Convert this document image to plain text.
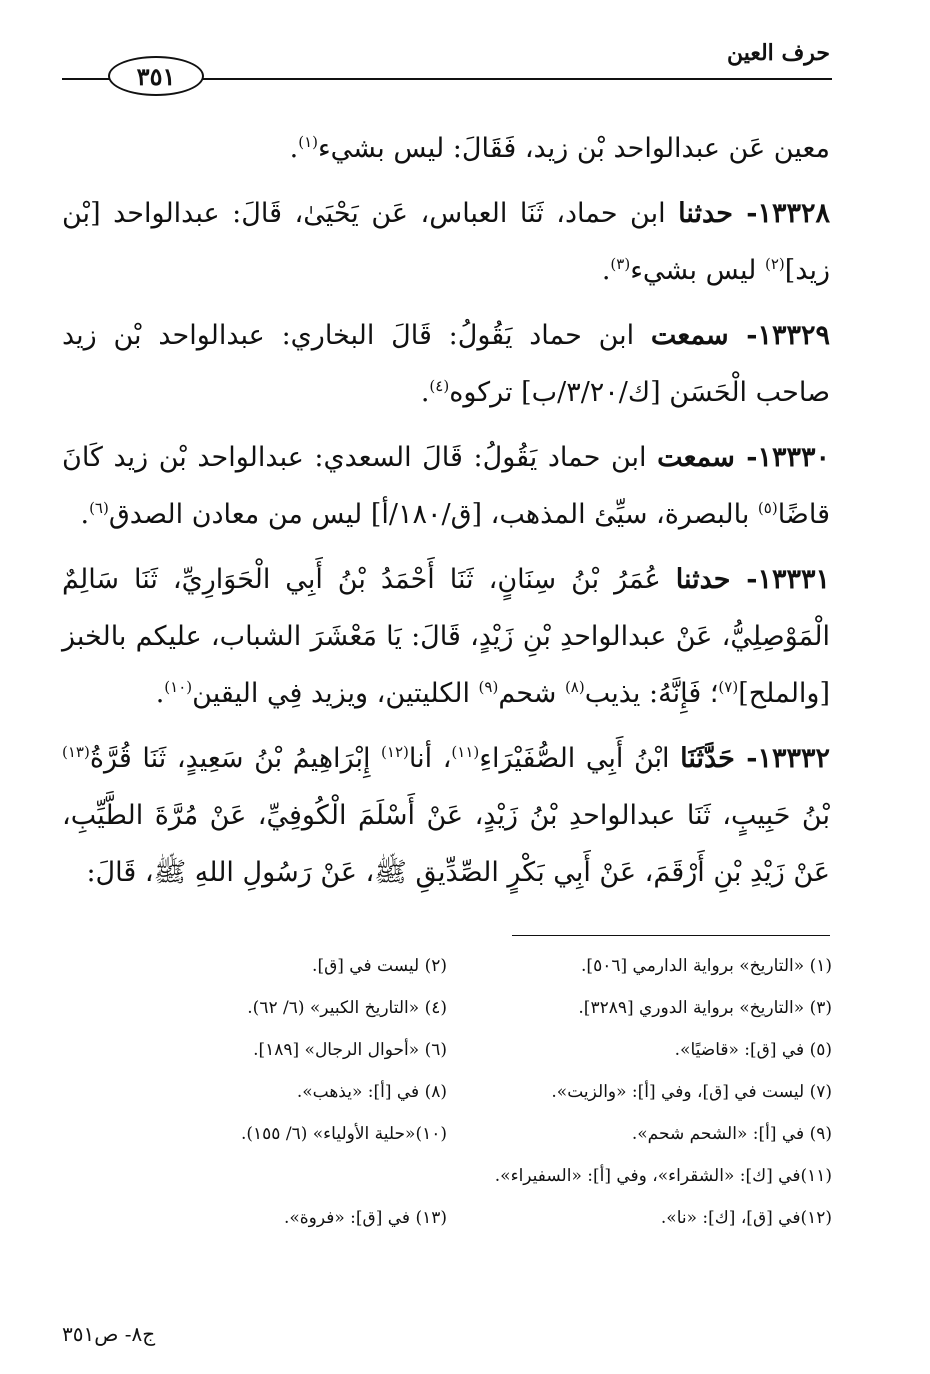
حرف العين
٣٥١

معين عَن عبدالواحد بْن زيد، فَقَالَ: ليس بشيء$^{(١)}$.

١٣٣٢٨- حدثنا ابن حماد، ثَنَا العباس، عَن يَحْيَىٰ، قَالَ: عبدالواحد [بْن زيد]$^{(٢)}$ ليس بشيء$^{(٣)}$.

١٣٣٢٩- سمعت ابن حماد يَقُولُ: قَالَ البخاري: عبدالواحد بْن زيد صاحب الْحَسَن [ك/٣/٢٠/ب] تركوه$^{(٤)}$.

١٣٣٣٠- سمعت ابن حماد يَقُولُ: قَالَ السعدي: عبدالواحد بْن زيد كَانَ قاضًا$^{(٥)}$ بالبصرة، سيِّئ المذهب، [ق/١٨٠/أ] ليس من معادن الصدق$^{(٦)}$.

١٣٣٣١- حدثنا عُمَرُ بْنُ سِنَانٍ، ثَنَا أَحْمَدُ بْنُ أَبِي الْحَوَارِيِّ، ثَنَا سَالِمٌ الْمَوْصِلِيُّ، عَنْ عبدالواحدِ بْنِ زَيْدٍ، قَالَ: يَا مَعْشَرَ الشباب، عليكم بالخبز [والملح]$^{(٧)}$؛ فَإِنَّهُ: يذيب$^{(٨)}$ شحم$^{(٩)}$ الكليتين، ويزيد فِي اليقين$^{(١٠)}$.

١٣٣٣٢- حَدَّثَنَا ابْنُ أَبِي الصُّفَيْرَاءِ$^{(١١)}$، أنا$^{(١٢)}$ إِبْرَاهِيمُ بْنُ سَعِيدٍ، ثَنَا قُرَّةُ$^{(١٣)}$ بْنُ حَبِيبٍ، ثَنَا عبدالواحدِ بْنُ زَيْدٍ، عَنْ أَسْلَمَ الْكُوفِيِّ، عَنْ مُرَّةَ الطَّيِّبِ، عَنْ زَيْدِ بْنِ أَرْقَمَ، عَنْ أَبِي بَكْرٍ الصِّدِّيقِ ﷺ، عَنْ رَسُولِ اللهِ ﷺ، قَالَ:

(١) «التاريخ» برواية الدارمي [٥٠٦].
(٢) ليست في [ق].
(٣) «التاريخ» برواية الدوري [٣٢٨٩].
(٤) «التاريخ الكبير» (٦/ ٦٢).
(٥) في [ق]: «قاضيًا».
(٦) «أحوال الرجال» [١٨٩].
(٧) ليست في [ق]، وفي [أ]: «والزيت».
(٨) في [أ]: «يذهب».
(٩) في [أ]: «الشحم شحم».
(١٠)«حلية الأولياء» (٦/ ١٥٥).
(١١)في [ك]: «الشقراء»، وفي [أ]: «السفيراء».
(١٢)في [ق]، [ك]: «نا».
(١٣) في [ق]: «فروة».
ج٨- ص٣٥١
